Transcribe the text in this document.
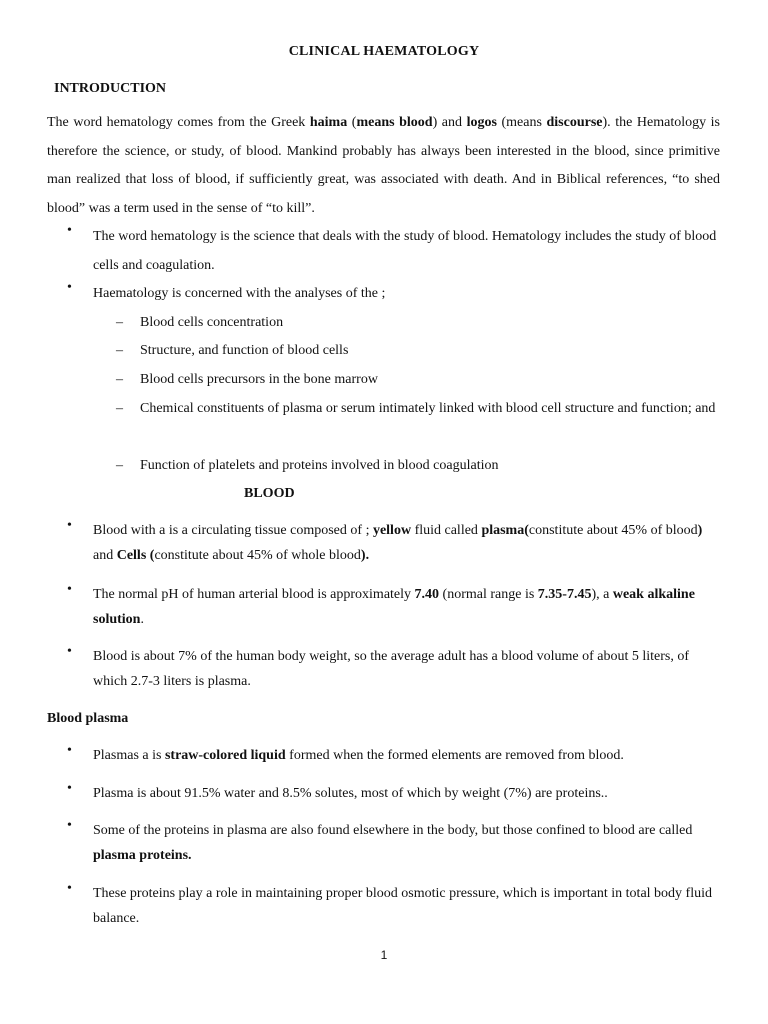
CLINICAL HAEMATOLOGY
INTRODUCTION
The word hematology comes from the Greek haima (means blood) and logos (means discourse). the Hematology is therefore the science, or study, of blood. Mankind probably has always been interested in the blood, since primitive man realized that loss of blood, if sufficiently great, was associated with death. And in Biblical references, “to shed blood” was a term used in the sense of “to kill”.
• The word hematology is the science that deals with the study of blood. Hematology includes the study of blood cells and coagulation.
• Haematology is concerned with the analyses of the ;
– Blood cells concentration
– Structure, and function of blood cells
– Blood cells precursors in the bone marrow
– Chemical constituents of plasma or serum intimately linked with blood cell structure and function; and
– Function of platelets and proteins involved in blood coagulation
BLOOD
• Blood with a is a circulating tissue composed of ; yellow fluid called plasma(constitute about 45% of blood) and Cells (constitute about 45% of whole blood).
• The normal pH of human arterial blood is approximately 7.40 (normal range is 7.35-7.45), a weak alkaline solution.
• Blood is about 7% of the human body weight, so the average adult has a blood volume of about 5 liters, of which 2.7-3 liters is plasma.
Blood plasma
• Plasmas a is straw-colored liquid formed when the formed elements are removed from blood.
• Plasma is about 91.5% water and 8.5% solutes, most of which by weight (7%) are proteins..
• Some of the proteins in plasma are also found elsewhere in the body, but those confined to blood are called plasma proteins.
• These proteins play a role in maintaining proper blood osmotic pressure, which is important in total body fluid balance.
1
